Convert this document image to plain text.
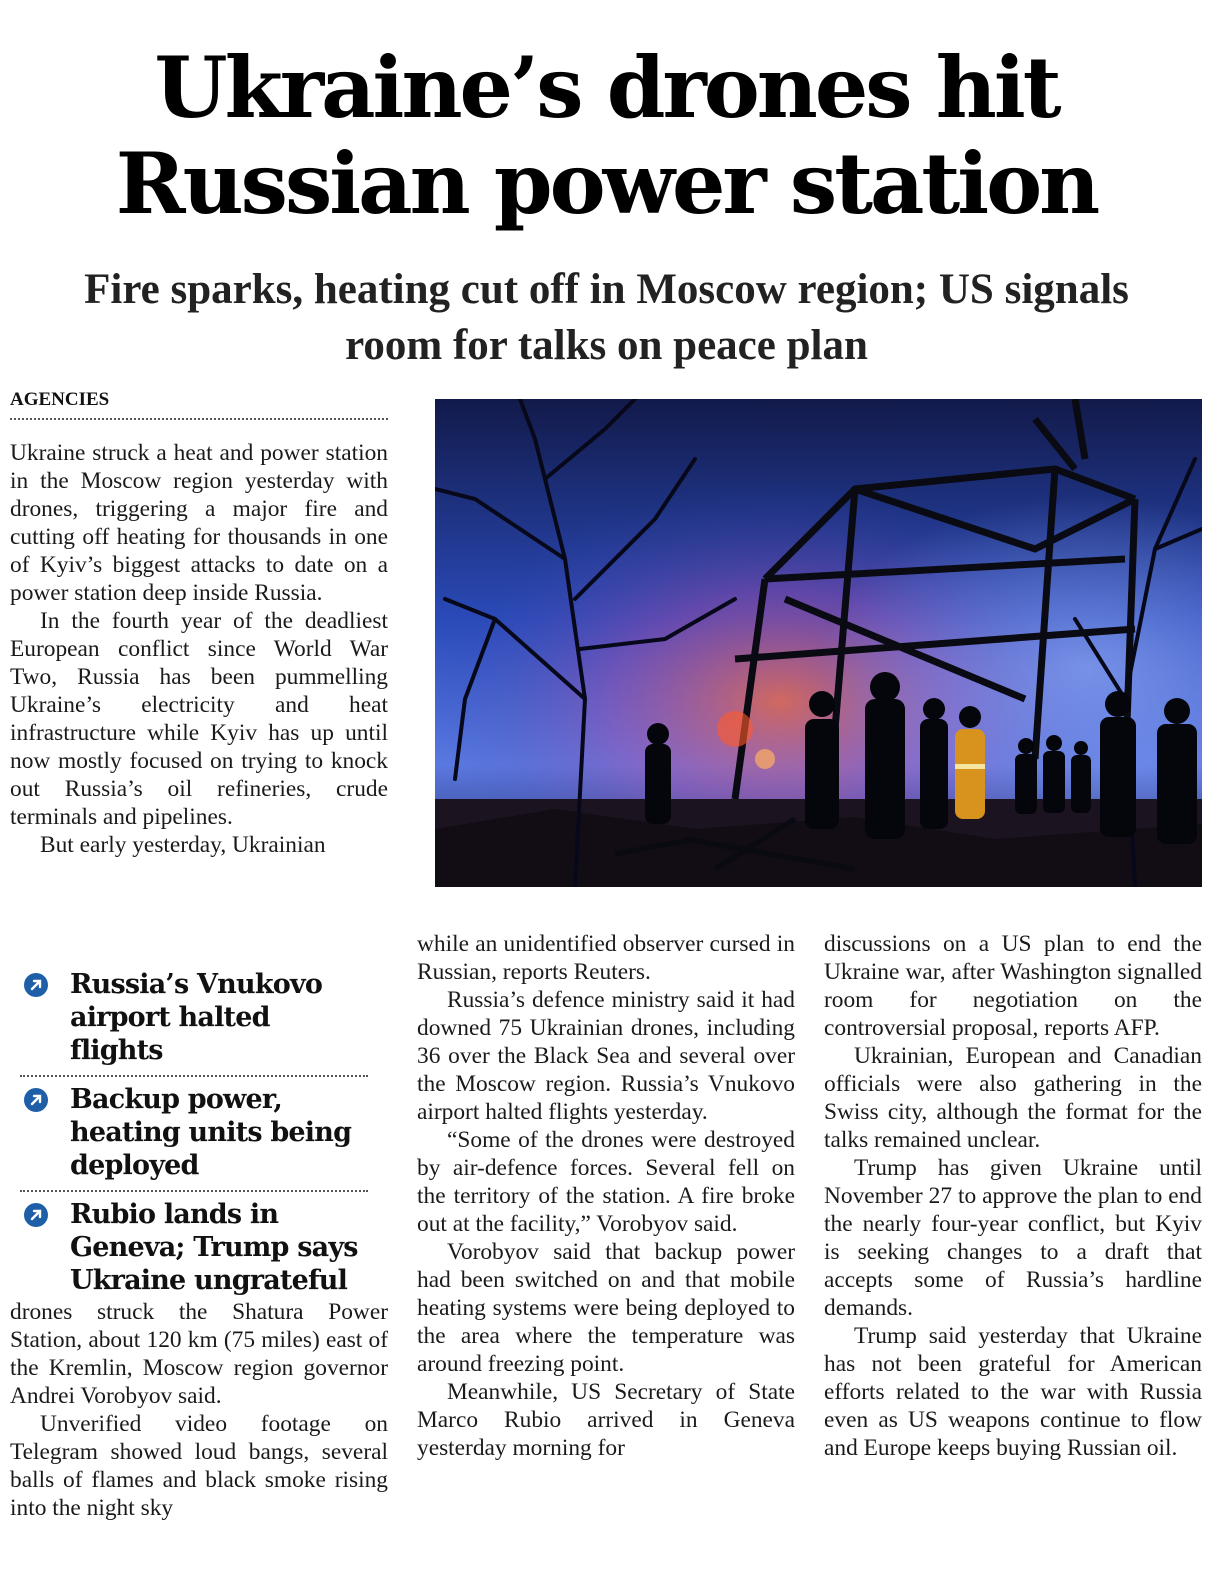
Ukraine’s drones hit
Russian power station
Fire sparks, heating cut off in Moscow region; US signals room for talks on peace plan
AGENCIES

Ukraine struck a heat and power station in the Moscow region yesterday with drones, triggering a major fire and cutting off heating for thousands in one of Kyiv’s biggest attacks to date on a power station deep inside Russia.

In the fourth year of the deadliest European conflict since World War Two, Russia has been pummelling Ukraine’s electricity and heat infrastructure while Kyiv has up until now mostly focused on trying to knock out Russia’s oil refineries, crude terminals and pipelines.

But early yesterday, Ukrainian

Russia’s Vnukovo airport halted flights
Backup power, heating units being deployed
Rubio lands in Geneva; Trump says Ukraine ungrateful

drones struck the Shatura Power Station, about 120 km (75 miles) east of the Kremlin, Moscow region governor Andrei Vorobyov said.

Unverified video footage on Telegram showed loud bangs, several balls of flames and black smoke rising into the night sky

while an unidentified observer cursed in Russian, reports Reuters.

Russia’s defence ministry said it had downed 75 Ukrainian drones, including 36 over the Black Sea and several over the Moscow region. Russia’s Vnukovo airport halted flights yesterday.

“Some of the drones were destroyed by air-defence forces. Several fell on the territory of the station. A fire broke out at the facility,” Vorobyov said.

Vorobyov said that backup power had been switched on and that mobile heating systems were being deployed to the area where the temperature was around freezing point.

Meanwhile, US Secretary of State Marco Rubio arrived in Geneva yesterday morning for

discussions on a US plan to end the Ukraine war, after Washington signalled room for negotiation on the controversial proposal, reports AFP.

Ukrainian, European and Canadian officials were also gathering in the Swiss city, although the format for the talks remained unclear.

Trump has given Ukraine until November 27 to approve the plan to end the nearly four-year conflict, but Kyiv is seeking changes to a draft that accepts some of Russia’s hardline demands.

Trump said yesterday that Ukraine has not been grateful for American efforts related to the war with Russia even as US weapons continue to flow and Europe keeps buying Russian oil.
